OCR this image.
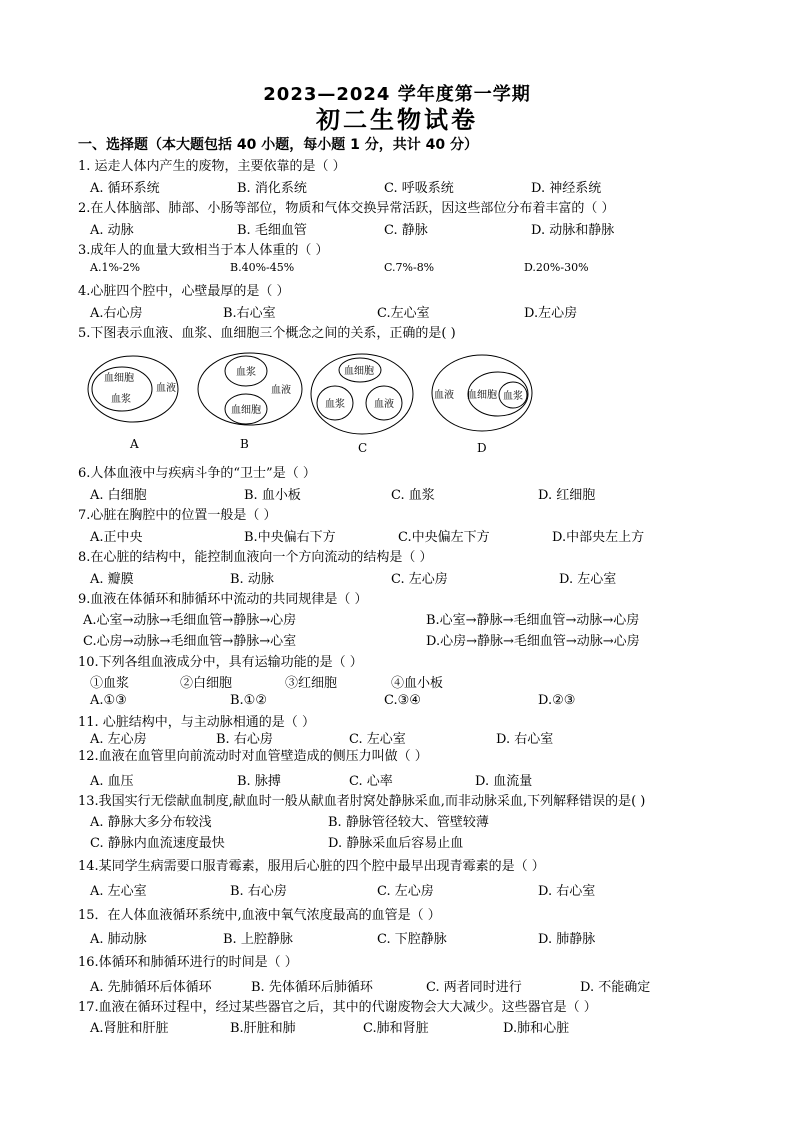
2023—2024 学年度第一学期
初二生物试卷
一、选择题（本大题包括 40 小题，每小题 1 分，共计 40 分）
1. 运走人体内产生的废物，主要依靠的是（ ）
A. 循环系统	B. 消化系统	C. 呼吸系统	D. 神经系统
2.在人体脑部、肺部、小肠等部位，物质和气体交换异常活跃，因这些部位分布着丰富的（ ）
A. 动脉	B. 毛细血管	C. 静脉	D. 动脉和静脉
3.成年人的血量大致相当于本人体重的（ ）
A.1%-2%	B.40%-45%	C.7%-8%	D.20%-30%
4.心脏四个腔中，心壁最厚的是（ ）
A.右心房	B.右心室	C.左心室	D.左心房
5.下图表示血液、血浆、血细胞三个概念之间的关系，正确的是( )
血细胞
血浆
血液
A
血浆
血液
血细胞
B
血细胞
血浆	血液
C
血液 血细胞 血浆
D
6.人体血液中与疾病斗争的“卫士”是（ ）
A. 白细胞	B. 血小板	C. 血浆	D. 红细胞
7.心脏在胸腔中的位置一般是（ ）
A.正中央	B.中央偏右下方	C.中央偏左下方	D.中部央左上方
8.在心脏的结构中，能控制血液向一个方向流动的结构是（ ）
A. 瓣膜	B. 动脉	C. 左心房	D. 左心室
9.血液在体循环和肺循环中流动的共同规律是（ ）
A.心室→动脉→毛细血管→静脉→心房	B.心室→静脉→毛细血管→动脉→心房
C.心房→动脉→毛细血管→静脉→心室	D.心房→静脉→毛细血管→动脉→心房
10.下列各组血液成分中，具有运输功能的是（ ）
①血浆	②白细胞	③红细胞	④血小板
A.①③	B.①②	C.③④	D.②③
11. 心脏结构中，与主动脉相通的是（ ）
A. 左心房	B. 右心房	C. 左心室	D. 右心室
12.血液在血管里向前流动时对血管壁造成的侧压力叫做（ ）
A. 血压	B. 脉搏	C. 心率	D. 血流量
13.我国实行无偿献血制度,献血时一般从献血者肘窝处静脉采血,而非动脉采血,下列解释错误的是( )
A. 静脉大多分布较浅	B. 静脉管径较大、管壁较薄
C. 静脉内血流速度最快	D. 静脉采血后容易止血
14.某同学生病需要口服青霉素，服用后心脏的四个腔中最早出现青霉素的是（ ）
A. 左心室	B. 右心房	C. 左心房	D. 右心室
15．在人体血液循环系统中,血液中氧气浓度最高的血管是（ ）
A. 肺动脉	B. 上腔静脉	C. 下腔静脉	D. 肺静脉
16.体循环和肺循环进行的时间是（ ）
A. 先肺循环后体循环	B. 先体循环后肺循环	C. 两者同时进行	D. 不能确定
17.血液在循环过程中，经过某些器官之后，其中的代谢废物会大大减少。这些器官是（ ）
A.肾脏和肝脏	B.肝脏和肺	C.肺和肾脏	D.肺和心脏
